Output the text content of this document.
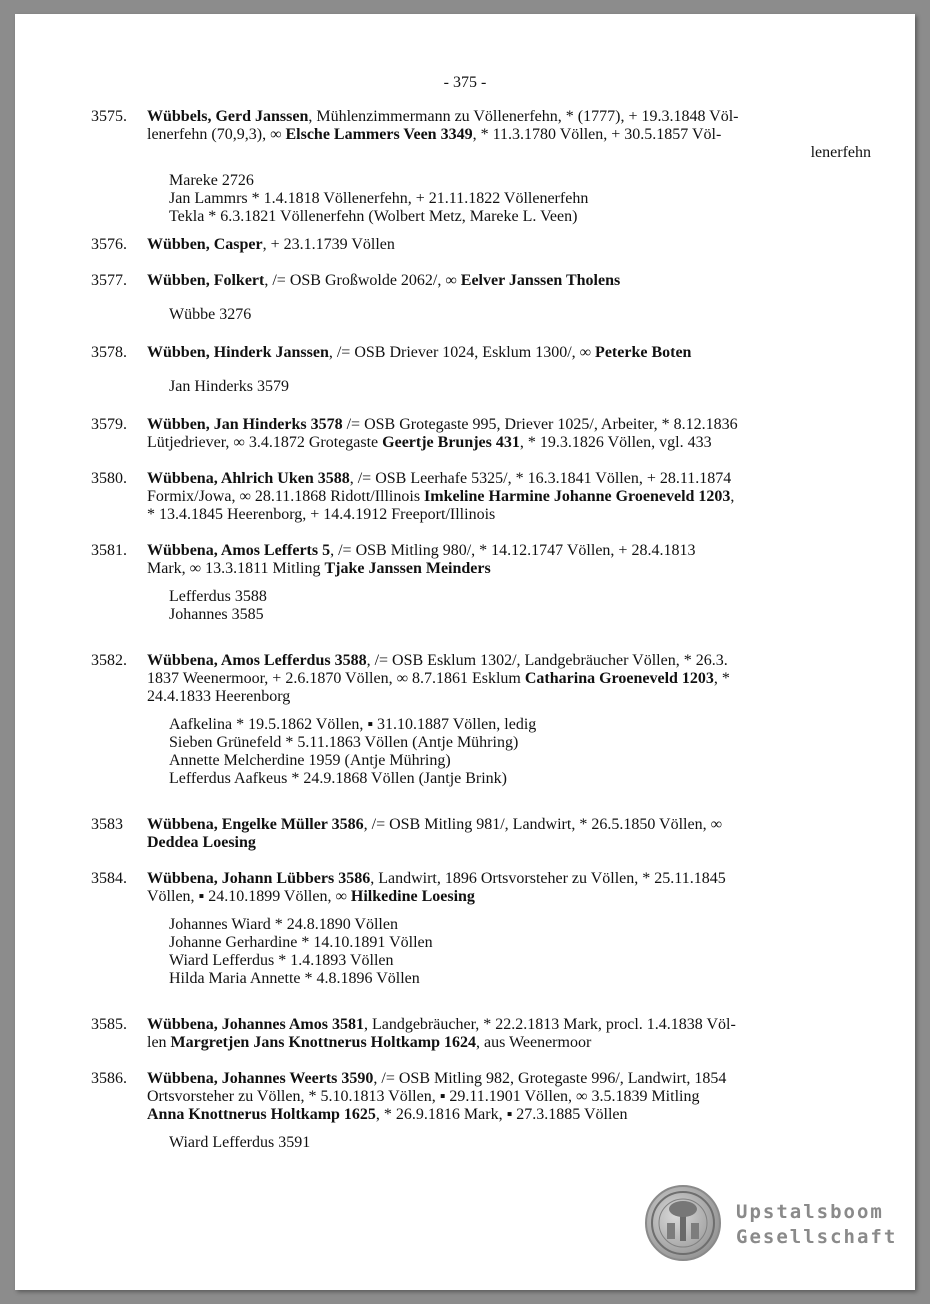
- 375 -
3575.	Wübbels, Gerd Janssen, Mühlenzimmermann zu Völlenerfehn, * (1777), + 19.3.1848 Völ-
lenerfehn (70,9,3), ∞ Elsche Lammers Veen 3349, * 11.3.1780 Völlen, + 30.5.1857 Völ-
lenerfehn
Mareke 2726
Jan Lammrs * 1.4.1818 Völlenerfehn, + 21.11.1822 Völlenerfehn
Tekla * 6.3.1821 Völlenerfehn (Wolbert Metz, Mareke L. Veen)
3576.	Wübben, Casper, + 23.1.1739 Völlen
3577.	Wübben, Folkert, /= OSB Großwolde 2062/, ∞ Eelver Janssen Tholens
Wübbe 3276
3578.	Wübben, Hinderk Janssen, /= OSB Driever 1024, Esklum 1300/, ∞ Peterke Boten
Jan Hinderks 3579
3579.	Wübben, Jan Hinderks 3578 /= OSB Grotegaste 995, Driever 1025/, Arbeiter, * 8.12.1836
Lütjedriever, ∞ 3.4.1872 Grotegaste Geertje Brunjes 431, * 19.3.1826 Völlen, vgl. 433
3580.	Wübbena, Ahlrich Uken 3588, /= OSB Leerhafe 5325/, * 16.3.1841 Völlen, + 28.11.1874
Formix/Jowa, ∞ 28.11.1868 Ridott/Illinois Imkeline Harmine Johanne Groeneveld 1203,
* 13.4.1845 Heerenborg, + 14.4.1912 Freeport/Illinois
3581.	Wübbena, Amos Lefferts 5, /= OSB Mitling 980/, * 14.12.1747 Völlen, + 28.4.1813
Mark, ∞ 13.3.1811 Mitling Tjake Janssen Meinders
Lefferdus 3588
Johannes 3585
3582.	Wübbena, Amos Lefferdus 3588, /= OSB Esklum 1302/, Landgebräucher Völlen, * 26.3.
1837 Weenermoor, + 2.6.1870 Völlen, ∞ 8.7.1861 Esklum Catharina Groeneveld 1203, *
24.4.1833 Heerenborg
Aafkelina * 19.5.1862 Völlen, ▪ 31.10.1887 Völlen, ledig
Sieben Grünefeld * 5.11.1863 Völlen (Antje Mühring)
Annette Melcherdine 1959 (Antje Mühring)
Lefferdus Aafkeus * 24.9.1868 Völlen (Jantje Brink)
3583	Wübbena, Engelke Müller 3586, /= OSB Mitling 981/, Landwirt, * 26.5.1850 Völlen, ∞
Deddea Loesing
3584.	Wübbena, Johann Lübbers 3586, Landwirt, 1896 Ortsvorsteher zu Völlen, * 25.11.1845
Völlen, ▪ 24.10.1899 Völlen, ∞ Hilkedine Loesing
Johannes Wiard * 24.8.1890 Völlen
Johanne Gerhardine * 14.10.1891 Völlen
Wiard Lefferdus * 1.4.1893 Völlen
Hilda Maria Annette * 4.8.1896 Völlen
3585.	Wübbena, Johannes Amos 3581, Landgebräucher, * 22.2.1813 Mark, procl. 1.4.1838 Völ-
len Margretjen Jans Knottnerus Holtkamp 1624, aus Weenermoor
3586.	Wübbena, Johannes Weerts 3590, /= OSB Mitling 982, Grotegaste 996/, Landwirt, 1854
Ortsvorsteher zu Völlen, * 5.10.1813 Völlen, ▪ 29.11.1901 Völlen, ∞ 3.5.1839 Mitling
Anna Knottnerus Holtkamp 1625, * 26.9.1816 Mark, ▪ 27.3.1885 Völlen
Wiard Lefferdus 3591
Upstalsboom
Gesellschaft
